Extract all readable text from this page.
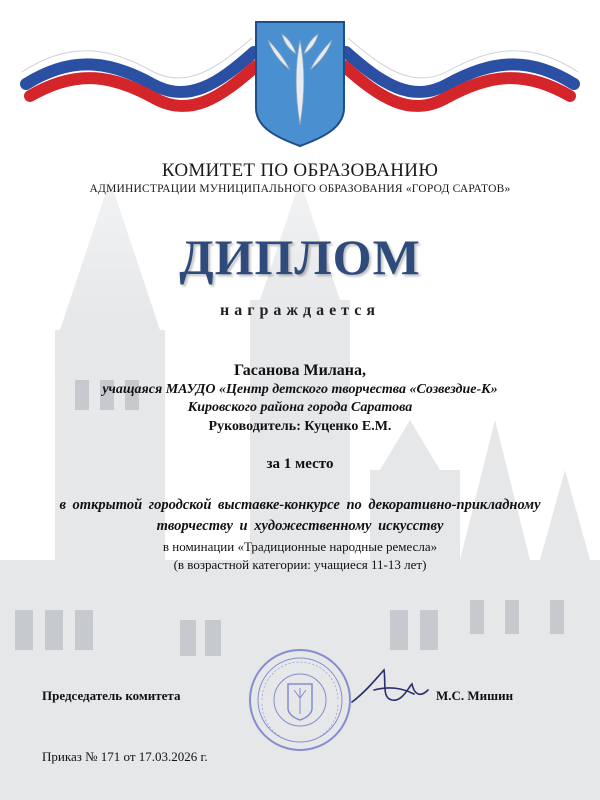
КОМИТЕТ ПО ОБРАЗОВАНИЮ
АДМИНИСТРАЦИИ МУНИЦИПАЛЬНОГО ОБРАЗОВАНИЯ «ГОРОД САРАТОВ»
ДИПЛОМ
награждается
Гасанова Милана,
учащаяся МАУДО «Центр детского творчества «Созвездие-К»
Кировского района города Саратова
Руководитель: Куценко Е.М.
за 1 место
в открытой городской выставке-конкурсе по декоративно-прикладному
творчеству и художественному искусству
в номинации «Традиционные народные ремесла»
(в возрастной категории: учащиеся 11-13 лет)
Председатель комитета	М.С. Мишин
Приказ № 171 от 17.03.2026 г.
